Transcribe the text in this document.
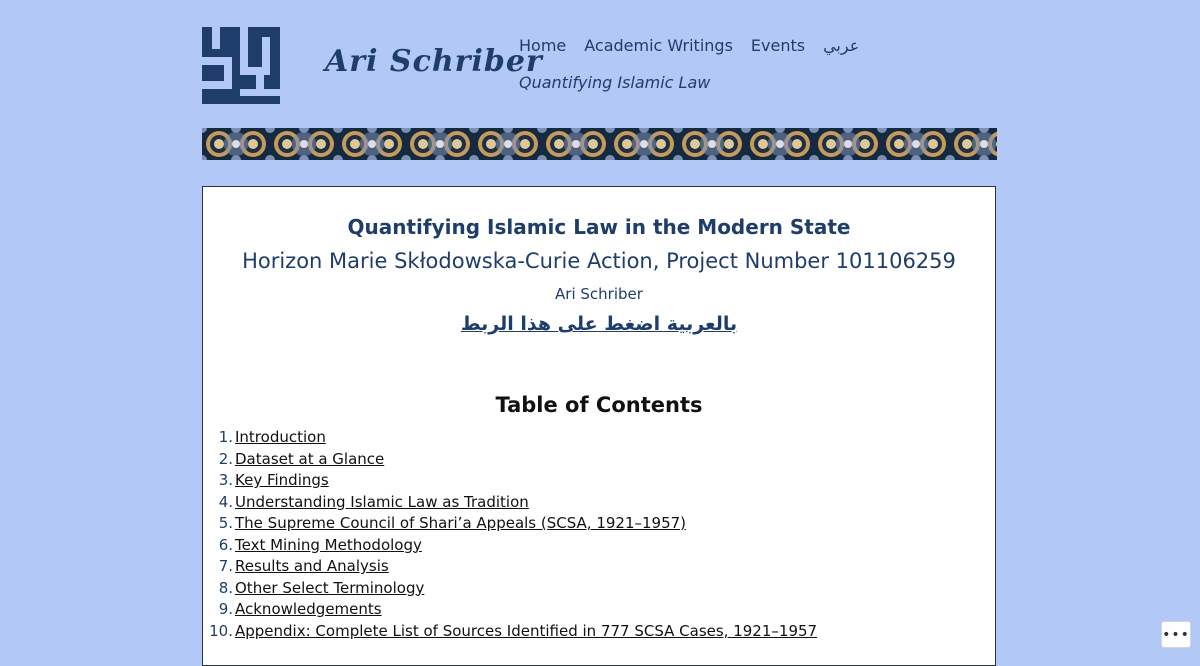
Ari Schriber
Home Academic Writings Events عربي
Quantifying Islamic Law
Quantifying Islamic Law in the Modern State
Horizon Marie Skłodowska-Curie Action, Project Number 101106259
Ari Schriber
بالعربية اضغط على هذا الربط
Table of Contents
1. Introduction
2. Dataset at a Glance
3. Key Findings
4. Understanding Islamic Law as Tradition
5. The Supreme Council of Shari’a Appeals (SCSA, 1921–1957)
6. Text Mining Methodology
7. Results and Analysis
8. Other Select Terminology
9. Acknowledgements
10. Appendix: Complete List of Sources Identified in 777 SCSA Cases, 1921–1957	•••
